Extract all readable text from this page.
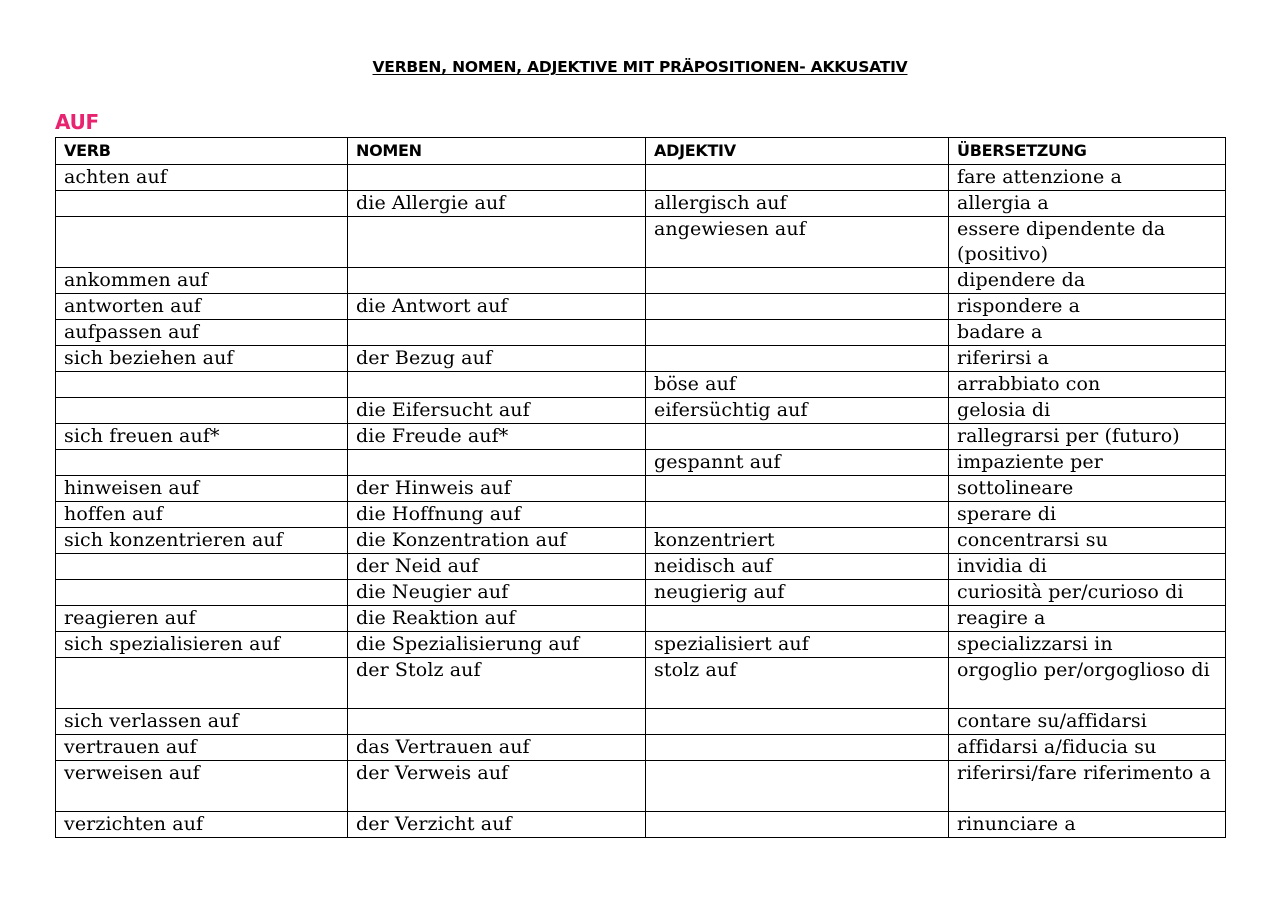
VERBEN, NOMEN, ADJEKTIVE MIT PRÄPOSITIONEN- AKKUSATIV
AUF
VERB	NOMEN	ADJEKTIV	ÜBERSETZUNG
achten auf			fare attenzione a
	die Allergie auf	allergisch auf	allergia a
		angewiesen auf	essere dipendente da (positivo)
ankommen auf			dipendere da
antworten auf	die Antwort auf		rispondere a
aufpassen auf			badare a
sich beziehen auf	der Bezug auf		riferirsi a
		böse auf	arrabbiato con
	die Eifersucht auf	eifersüchtig auf	gelosia di
sich freuen auf*	die Freude auf*		rallegrarsi per (futuro)
		gespannt auf	impaziente per
hinweisen auf	der Hinweis auf		sottolineare
hoffen auf	die Hoffnung auf		sperare di
sich konzentrieren auf	die Konzentration auf	konzentriert	concentrarsi su
	der Neid auf	neidisch auf	invidia di
	die Neugier auf	neugierig auf	curiosità per/curioso di
reagieren auf	die Reaktion auf		reagire a
sich spezialisieren auf	die Spezialisierung auf	spezialisiert auf	specializzarsi in
	der Stolz auf	stolz auf	orgoglio per/orgoglioso di
sich verlassen auf			contare su/affidarsi
vertrauen auf	das Vertrauen auf		affidarsi a/fiducia su
verweisen auf	der Verweis auf		riferirsi/fare riferimento a
verzichten auf	der Verzicht auf		rinunciare a
